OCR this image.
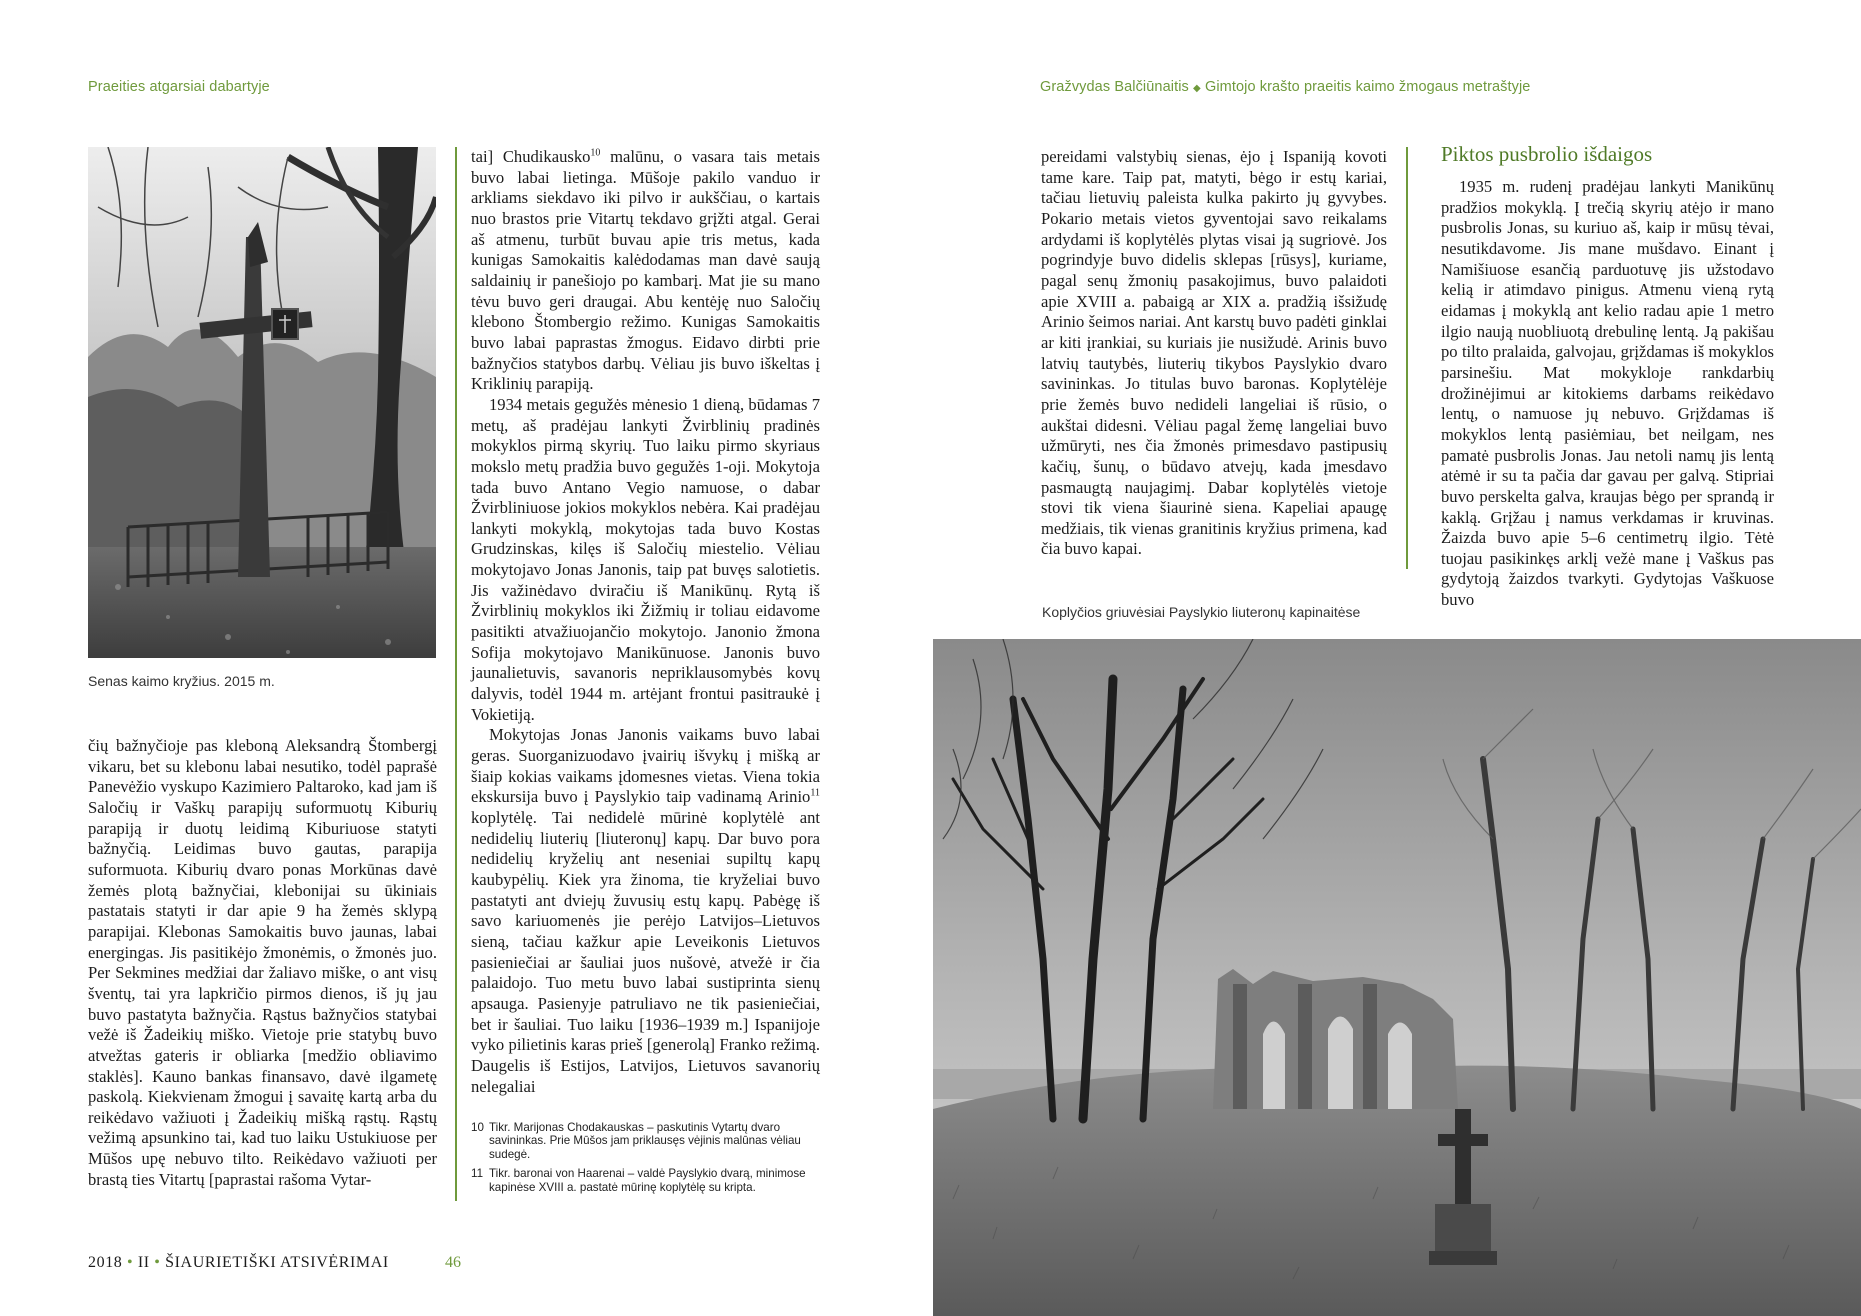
Praeities atgarsiai dabartyje
Senas kaimo kryžius. 2015 m.

čių bažnyčioje pas kleboną Aleksandrą Štombergį vikaru, bet su klebonu labai nesutiko, todėl paprašė Panevėžio vyskupo Kazimiero Paltaroko, kad jam iš Saločių ir Vaškų parapijų suformuotų Kiburių parapiją ir duotų leidimą Kiburiuose statyti bažnyčią. Leidimas buvo gautas, parapija suformuota. Kiburių dvaro ponas Morkūnas davė žemės plotą bažnyčiai, klebonijai su ūkiniais pastatais statyti ir dar apie 9 ha žemės sklypą parapijai. Klebonas Samokaitis buvo jaunas, labai energingas. Jis pasitikėjo žmonėmis, o žmonės juo. Per Sekmines medžiai dar žaliavo miške, o ant visų šventų, tai yra lapkričio pirmos dienos, iš jų jau buvo pastatyta bažnyčia. Rąstus bažnyčios statybai vežė iš Žadeikių miško. Vietoje prie statybų buvo atvežtas gateris ir obliarka [medžio obliavimo staklės]. Kauno bankas finansavo, davė ilgametę paskolą. Kiekvienam žmogui į savaitę kartą arba du reikėdavo važiuoti į Žadeikių mišką rąstų. Rąstų vežimą apsunkino tai, kad tuo laiku Ustukiuose per Mūšos upę nebuvo tilto. Reikėdavo važiuoti per brastą ties Vitartų [paprastai rašoma Vytar-

tai] Chudikausko$^{10}$ malūnu, o vasara tais metais buvo labai lietinga. Mūšoje pakilo vanduo ir arkliams siekdavo iki pilvo ir aukščiau, o kartais nuo brastos prie Vitartų tekdavo grįžti atgal. Gerai aš atmenu, turbūt buvau apie tris metus, kada kunigas Samokaitis kalėdodamas man davė saują saldainių ir panešiojo po kambarį. Mat jie su mano tėvu buvo geri draugai. Abu kentėję nuo Saločių klebono Štombergio režimo. Kunigas Samokaitis buvo labai paprastas žmogus. Eidavo dirbti prie bažnyčios statybos darbų. Vėliau jis buvo iškeltas į Kriklinių parapiją.

1934 metais gegužės mėnesio 1 dieną, būdamas 7 metų, aš pradėjau lankyti Žvirblinių pradinės mokyklos pirmą skyrių. Tuo laiku pirmo skyriaus mokslo metų pradžia buvo gegužės 1-oji. Mokytoja tada buvo Antano Vegio namuose, o dabar Žvirbliniuose jokios mokyklos nebėra. Kai pradėjau lankyti mokyklą, mokytojas tada buvo Kostas Grudzinskas, kilęs iš Saločių miestelio. Vėliau mokytojavo Jonas Janonis, taip pat buvęs salotietis. Jis važinėdavo dviračiu iš Manikūnų. Rytą iš Žvirblinių mokyklos iki Žižmių ir toliau eidavome pasitikti atvažiuojančio mokytojo. Janonio žmona Sofija mokytojavo Manikūnuose. Janonis buvo jaunalietuvis, savanoris nepriklausomybės kovų dalyvis, todėl 1944 m. artėjant frontui pasitraukė į Vokietiją.

Mokytojas Jonas Janonis vaikams buvo labai geras. Suorganizuodavo įvairių išvykų į mišką ar šiaip kokias vaikams įdomesnes vietas. Viena tokia ekskursija buvo į Payslykio taip vadinamą Arinio$^{11}$ koplytėlę. Tai nedidelė mūrinė koplytėlė ant nedidelių liuterių [liuteronų] kapų. Dar buvo pora nedidelių kryželių ant neseniai supiltų kapų kaubурėlių. Kiek yra žinoma, tie kryželiai buvo pastatyti ant dviejų žuvusių estų kapų. Pabėgę iš savo kariuomenės jie perėjo Latvijos–Lietuvos sieną, tačiau kažkur apie Leveikonis Lietuvos pasieniečiai ar šauliai juos nušovė, atvežė ir čia palaidojo. Tuo metu buvo labai sustiprinta sienų apsauga. Pasienyje patruliavo ne tik pasieniečiai, bet ir šauliai. Tuo laiku [1936–1939 m.] Ispanijoje vyko pilietinis karas prieš [generolą] Franko režimą. Daugelis iš Estijos, Latvijos, Lietuvos savanorių nelegaliai

10 Tikr. Marijonas Chodakauskas – paskutinis Vytartų dvaro savininkas. Prie Mūšos jam priklausęs vėjinis malūnas vėliau sudegė.
11 Tikr. baronai von Haarenai – valdė Payslykio dvarą, minimose kapinėse XVIII a. pastatė mūrinę koplytėlę su kripta.
2018 • II • ŠIAURIETIŠKI ATSIVĖRIMAI	46
Gražvydas Balčiūnaitis ◆ Gimtojo krašto praeitis kaimo žmogaus metraštyje

pereidami valstybių sienas, ėjo į Ispaniją kovoti tame kare. Taip pat, matyti, bėgo ir estų kariai, tačiau lietuvių paleista kulka pakirto jų gyvybes. Pokario metais vietos gyventojai savo reikalams ardydami iš koplytėlės plytas visai ją sugriovė. Jos pogrindyje buvo didelis sklepas [rūsys], kuriame, pagal senų žmonių pasakojimus, buvo palaidoti apie XVIII a. pabaigą ar XIX a. pradžią išsižudę Arinio šeimos nariai. Ant karstų buvo padėti ginklai ar kiti įrankiai, su kuriais jie nusižudė. Arinis buvo latvių tautybės, liuterių tikybos Payslykio dvaro savininkas. Jo titulas buvo baronas. Koplytėlėje prie žemės buvo nedideli langeliai iš rūsio, o aukštai didesni. Vėliau pagal žemę langeliai buvo užmūryti, nes čia žmonės primesdavo pastipusių kačių, šunų, o būdavo atvejų, kada įmesdavo pasmaugtą naujagimį. Dabar koplytėlės vietoje stovi tik viena šiaurinė siena. Kapeliai apaugę medžiais, tik vienas granitinis kryžius primena, kad čia buvo kapai.

Piktos pusbrolio išdaigos

1935 m. rudenį pradėjau lankyti Manikūnų pradžios mokyklą. Į trečią skyrių atėjo ir mano pusbrolis Jonas, su kuriuo aš, kaip ir mūsų tėvai, nesutikdavome. Jis mane mušdavo. Einant į Namišiuose esančią parduotuvę jis užstodavo kelią ir atimdavo pinigus. Atmenu vieną rytą eidamas į mokyklą ant kelio radau apie 1 metro ilgio naują nuobliuotą drebulinę lentą. Ją pakišau po tilto pralaida, galvojau, grįždamas iš mokyklos parsinešiu. Mat mokykloje rankdarbių drožinėjimui ar kitokiems darbams reikėdavo lentų, o namuose jų nebuvo. Grįždamas iš mokyklos lentą pasiėmiau, bet neilgam, nes pamatė pusbrolis Jonas. Jau netoli namų jis lentą atėmė ir su ta pačia dar gavau per galvą. Stipriai buvo perskelta galva, kraujas bėgo per sprandą ir kaklą. Grįžau į namus verkdamas ir kruvinas. Žaizda buvo apie 5–6 centimetrų ilgio. Tėtė tuojau pasikinkęs arklį vežė mane į Vaškus pas gydytoją žaizdos tvarkyti. Gydytojas Vaškuose buvo

Koplyčios griuvėsiai Payslykio liuteronų kapinaitėse
